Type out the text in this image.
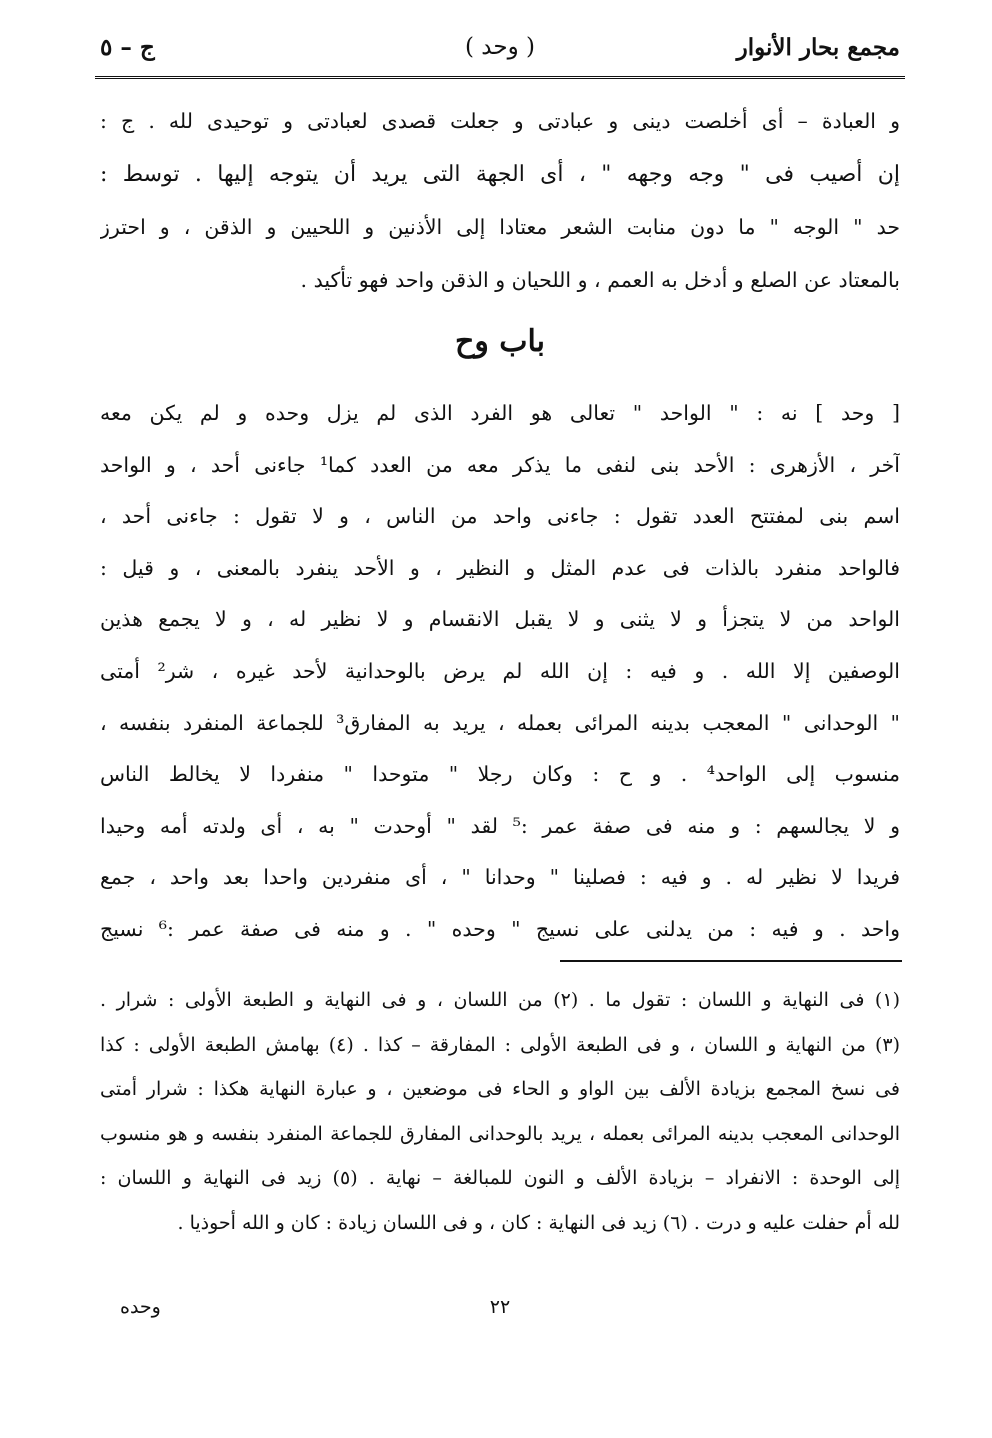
مجمع بحار الأنوار
( وحد )
ج – ٥
و العبادة – أى أخلصت دينى و عبادتى و جعلت قصدى لعبادتى و توحيدى لله . ج :
إن أصيب فى " وجه وجهه " ، أى الجهة التى يريد أن يتوجه إليها . توسط :
حد " الوجه " ما دون منابت الشعر معتادا إلى الأذنين و اللحيين و الذقن ، و احترز
بالمعتاد عن الصلع و أدخل به العمم ، و اللحيان و الذقن واحد فهو تأكيد .
باب وح
[ وحد ] نه : " الواحد " تعالى هو الفرد الذى لم يزل وحده و لم يكن معه
آخر ، الأزهرى : الأحد بنى لنفى ما يذكر معه من العدد كما¹ جاءنى أحد ، و الواحد
اسم بنى لمفتتح العدد تقول : جاءنى واحد من الناس ، و لا تقول : جاءنى أحد ،
فالواحد منفرد بالذات فى عدم المثل و النظير ، و الأحد ينفرد بالمعنى ، و قيل :
الواحد من لا يتجزأ و لا يثنى و لا يقبل الانقسام و لا نظير له ، و لا يجمع هذين
الوصفين إلا الله . و فيه : إن الله لم يرض بالوحدانية لأحد غيره ، شر² أمتى
" الوحدانى " المعجب بدينه المرائى بعمله ، يريد به المفارق³ للجماعة المنفرد بنفسه ،
منسوب إلى الواحد⁴ . و ح : وكان رجلا " متوحدا " منفردا لا يخالط الناس
و لا يجالسهم : و منه فى صفة عمر :⁵ لقد " أوحدت " به ، أى ولدته أمه وحيدا
فريدا لا نظير له . و فيه : فصلينا " وحدانا " ، أى منفردين واحدا بعد واحد ، جمع
واحد . و فيه : من يدلنى على نسيج " وحده " . و منه فى صفة عمر :⁶ نسيج
(١) فى النهاية و اللسان : تقول ما . (٢) من اللسان ، و فى النهاية و الطبعة الأولى : شرار .
(٣) من النهاية و اللسان ، و فى الطبعة الأولى : المفارقة – كذا . (٤) بهامش الطبعة الأولى : كذا
فى نسخ المجمع بزيادة الألف بين الواو و الحاء فى موضعين ، و عبارة النهاية هكذا : شرار أمتى
الوحدانى المعجب بدينه المرائى بعمله ، يريد بالوحدانى المفارق للجماعة المنفرد بنفسه و هو منسوب
إلى الوحدة : الانفراد – بزيادة الألف و النون للمبالغة – نهاية . (٥) زيد فى النهاية و اللسان :
لله أم حفلت عليه و درت . (٦) زيد فى النهاية : كان ، و فى اللسان زيادة : كان و الله أحوذيا .
٢٢
وحده
